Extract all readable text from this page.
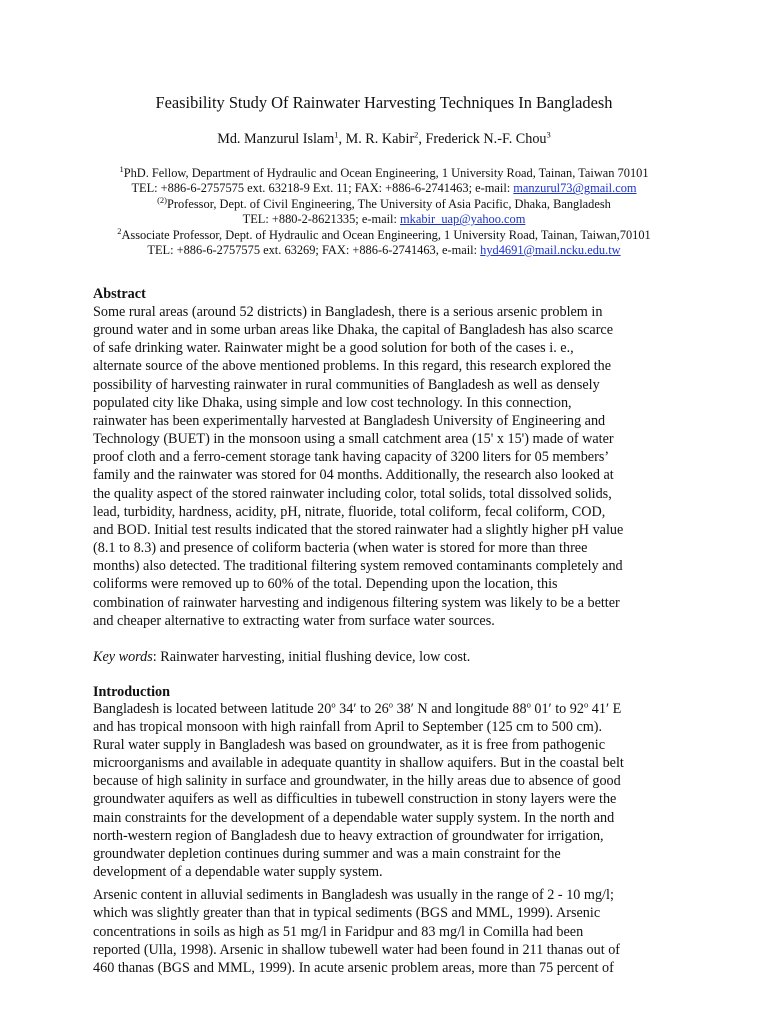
Feasibility Study Of Rainwater Harvesting Techniques In Bangladesh
Md. Manzurul Islam$^1$, M. R. Kabir$^2$, Frederick N.-F. Chou$^3$
$^1$PhD. Fellow, Department of Hydraulic and Ocean Engineering, 1 University Road, Tainan, Taiwan 70101
TEL: +886-6-2757575 ext. 63218-9 Ext. 11; FAX: +886-6-2741463; e-mail: manzurul73@gmail.com
$^{(2)}$Professor, Dept. of Civil Engineering, The University of Asia Pacific, Dhaka, Bangladesh
TEL: +880-2-8621335; e-mail: mkabir_uap@yahoo.com
$^2$Associate Professor, Dept. of Hydraulic and Ocean Engineering, 1 University Road, Tainan, Taiwan,70101
TEL: +886-6-2757575 ext. 63269; FAX: +886-6-2741463, e-mail: hyd4691@mail.ncku.edu.tw
Abstract
Some rural areas (around 52 districts) in Bangladesh, there is a serious arsenic problem in
ground water and in some urban areas like Dhaka, the capital of Bangladesh has also scarce
of safe drinking water. Rainwater might be a good solution for both of the cases i. e.,
alternate source of the above mentioned problems. In this regard, this research explored the
possibility of harvesting rainwater in rural communities of Bangladesh as well as densely
populated city like Dhaka, using simple and low cost technology. In this connection,
rainwater has been experimentally harvested at Bangladesh University of Engineering and
Technology (BUET) in the monsoon using a small catchment area (15' x 15') made of water
proof cloth and a ferro-cement storage tank having capacity of 3200 liters for 05 members’
family and the rainwater was stored for 04 months. Additionally, the research also looked at
the quality aspect of the stored rainwater including color, total solids, total dissolved solids,
lead, turbidity, hardness, acidity, pH, nitrate, fluoride, total coliform, fecal coliform, COD,
and BOD. Initial test results indicated that the stored rainwater had a slightly higher pH value
(8.1 to 8.3) and presence of coliform bacteria (when water is stored for more than three
months) also detected. The traditional filtering system removed contaminants completely and
coliforms were removed up to 60% of the total. Depending upon the location, this
combination of rainwater harvesting and indigenous filtering system was likely to be a better
and cheaper alternative to extracting water from surface water sources.
Key words: Rainwater harvesting, initial flushing device, low cost.
Introduction
Bangladesh is located between latitude 20$^o$ 34′ to 26$^o$ 38′ N and longitude 88$^o$ 01′ to 92$^o$ 41′ E
and has tropical monsoon with high rainfall from April to September (125 cm to 500 cm).
Rural water supply in Bangladesh was based on groundwater, as it is free from pathogenic
microorganisms and available in adequate quantity in shallow aquifers. But in the coastal belt
because of high salinity in surface and groundwater, in the hilly areas due to absence of good
groundwater aquifers as well as difficulties in tubewell construction in stony layers were the
main constraints for the development of a dependable water supply system. In the north and
north-western region of Bangladesh due to heavy extraction of groundwater for irrigation,
groundwater depletion continues during summer and was a main constraint for the
development of a dependable water supply system.
Arsenic content in alluvial sediments in Bangladesh was usually in the range of 2 - 10 mg/l;
which was slightly greater than that in typical sediments (BGS and MML, 1999). Arsenic
concentrations in soils as high as 51 mg/l in Faridpur and 83 mg/l in Comilla had been
reported (Ulla, 1998). Arsenic in shallow tubewell water had been found in 211 thanas out of
460 thanas (BGS and MML, 1999). In acute arsenic problem areas, more than 75 percent of
